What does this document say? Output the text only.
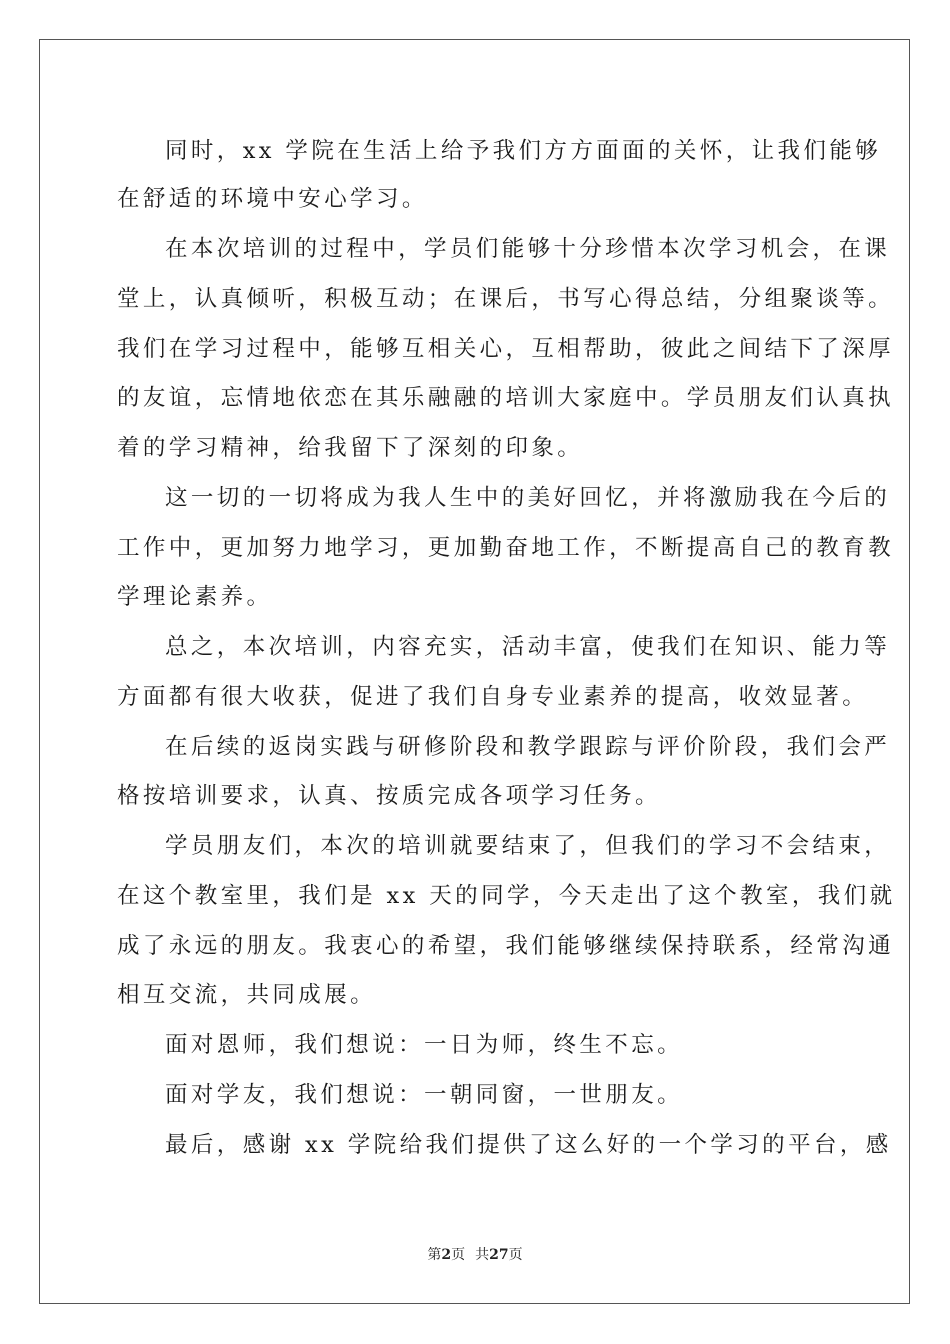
同时，xx 学院在生活上给予我们方方面面的关怀，让我们能够
在舒适的环境中安心学习。
在本次培训的过程中，学员们能够十分珍惜本次学习机会，在课
堂上，认真倾听，积极互动；在课后，书写心得总结，分组聚谈等。
我们在学习过程中，能够互相关心，互相帮助，彼此之间结下了深厚
的友谊，忘情地依恋在其乐融融的培训大家庭中。学员朋友们认真执
着的学习精神，给我留下了深刻的印象。
这一切的一切将成为我人生中的美好回忆，并将激励我在今后的
工作中，更加努力地学习，更加勤奋地工作，不断提高自己的教育教
学理论素养。
总之，本次培训，内容充实，活动丰富，使我们在知识、能力等
方面都有很大收获，促进了我们自身专业素养的提高，收效显著。
在后续的返岗实践与研修阶段和教学跟踪与评价阶段，我们会严
格按培训要求，认真、按质完成各项学习任务。
学员朋友们，本次的培训就要结束了，但我们的学习不会结束，
在这个教室里，我们是 xx 天的同学，今天走出了这个教室，我们就
成了永远的朋友。我衷心的希望，我们能够继续保持联系，经常沟通
相互交流，共同成展。
面对恩师，我们想说：一日为师，终生不忘。
面对学友，我们想说：一朝同窗，一世朋友。
最后，感谢 xx 学院给我们提供了这么好的一个学习的平台，感
第2页 共27页
